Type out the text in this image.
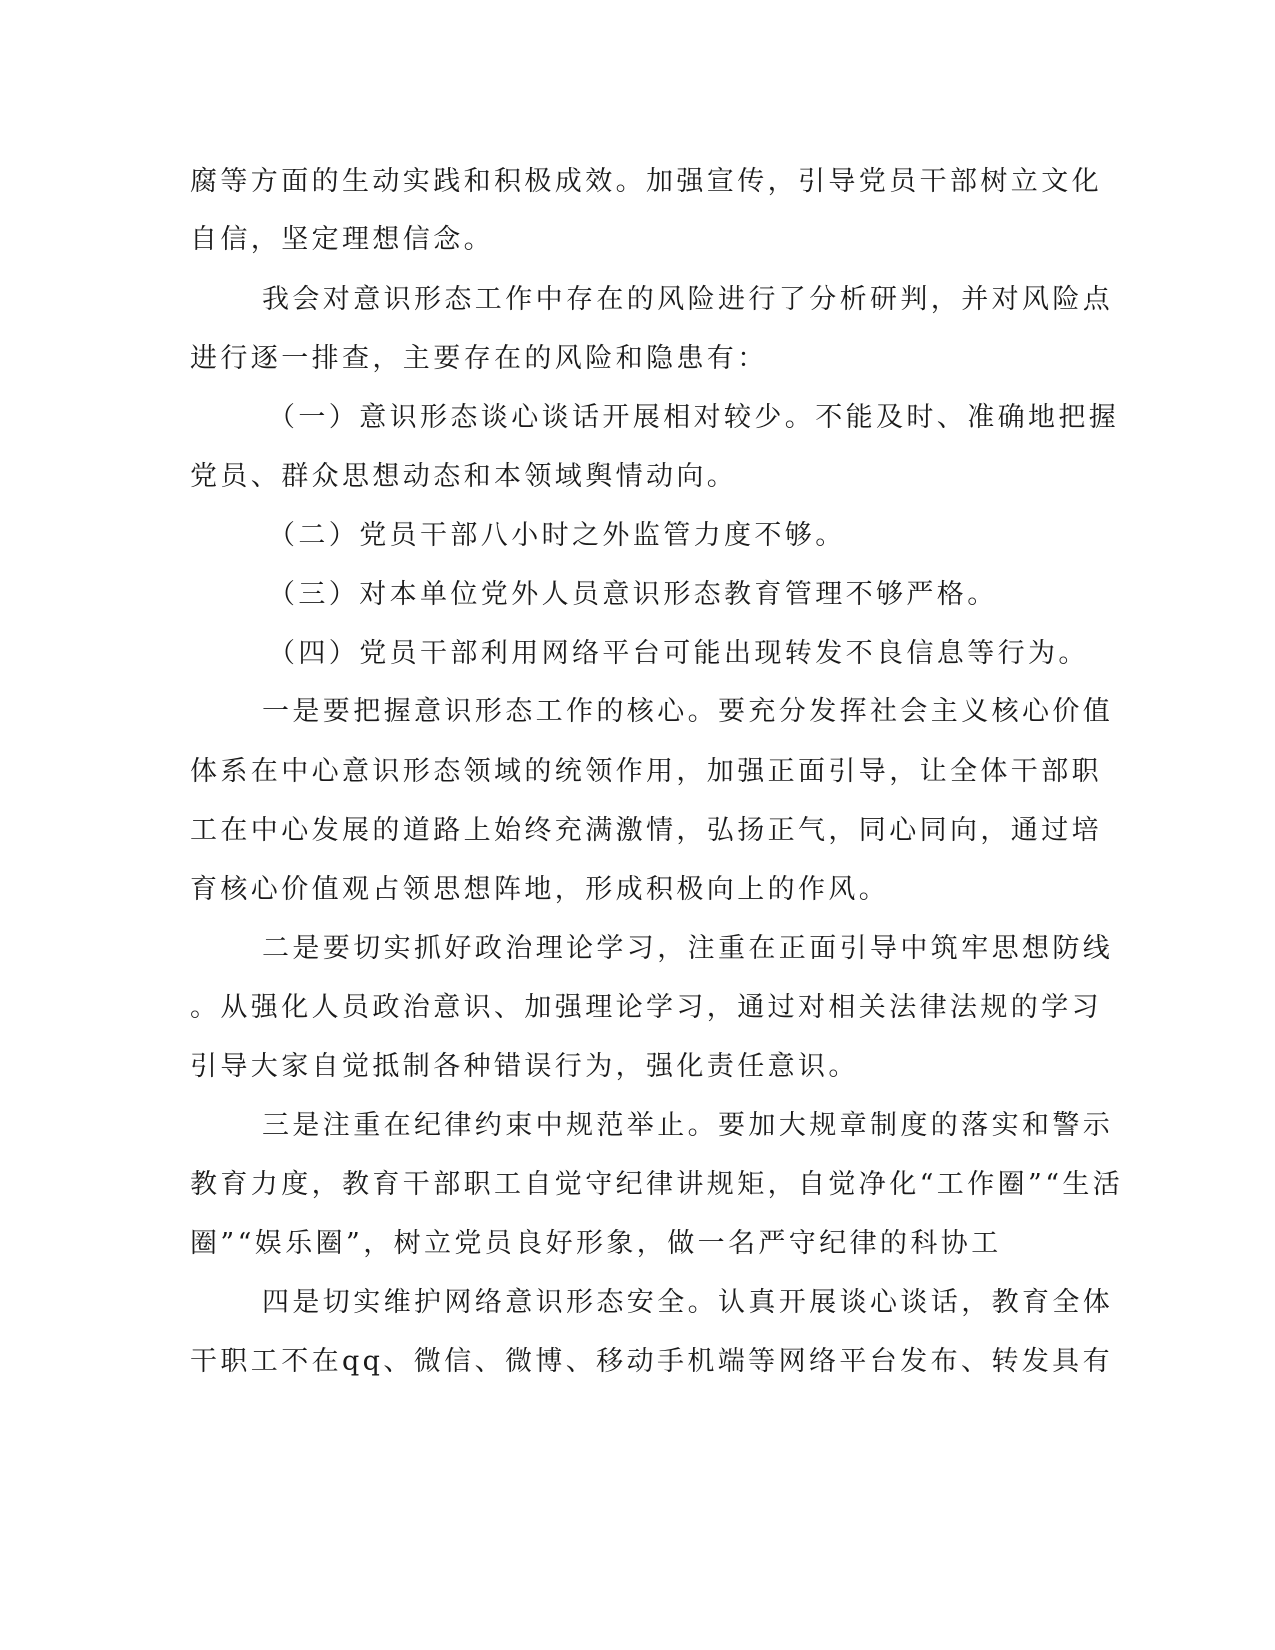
腐等方面的生动实践和积极成效。加强宣传，引导党员干部树立文化
自信，坚定理想信念。
我会对意识形态工作中存在的风险进行了分析研判，并对风险点
进行逐一排查，主要存在的风险和隐患有：
（一）意识形态谈心谈话开展相对较少。不能及时、准确地把握
党员、群众思想动态和本领域舆情动向。
（二）党员干部八小时之外监管力度不够。
（三）对本单位党外人员意识形态教育管理不够严格。
（四）党员干部利用网络平台可能出现转发不良信息等行为。
一是要把握意识形态工作的核心。要充分发挥社会主义核心价值
体系在中心意识形态领域的统领作用，加强正面引导，让全体干部职
工在中心发展的道路上始终充满激情，弘扬正气，同心同向，通过培
育核心价值观占领思想阵地，形成积极向上的作风。
二是要切实抓好政治理论学习，注重在正面引导中筑牢思想防线
。从强化人员政治意识、加强理论学习，通过对相关法律法规的学习
引导大家自觉抵制各种错误行为，强化责任意识。
三是注重在纪律约束中规范举止。要加大规章制度的落实和警示
教育力度，教育干部职工自觉守纪律讲规矩，自觉净化“工作圈”“生活
圈”“娱乐圈”，树立党员良好形象，做一名严守纪律的科协工
四是切实维护网络意识形态安全。认真开展谈心谈话，教育全体
干职工不在qq、微信、微博、移动手机端等网络平台发布、转发具有
